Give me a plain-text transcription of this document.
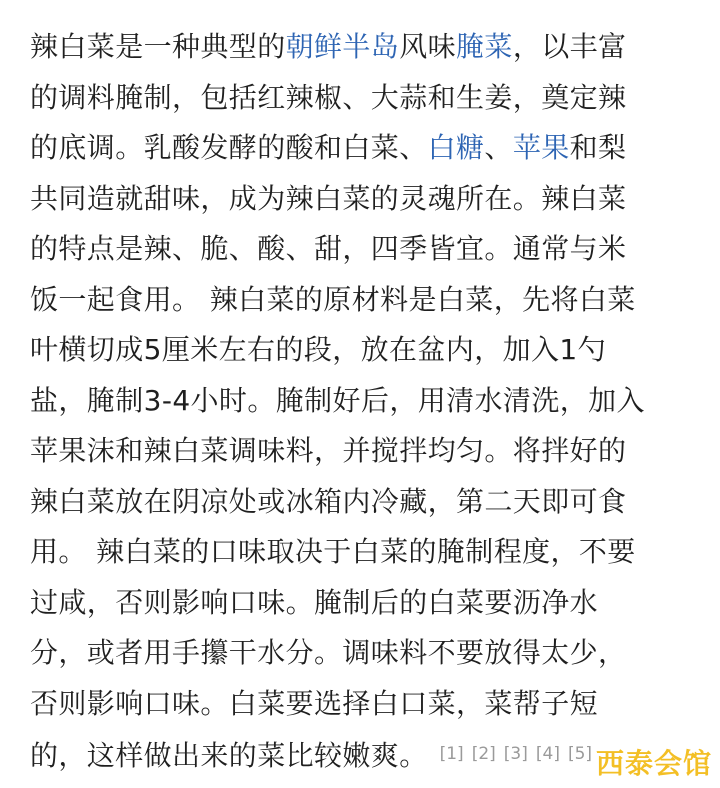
辣白菜是一种典型的朝鲜半岛风味腌菜，以丰富
的调料腌制，包括红辣椒、大蒜和生姜，奠定辣
的底调。乳酸发酵的酸和白菜、白糖、苹果和梨
共同造就甜味，成为辣白菜的灵魂所在。辣白菜
的特点是辣、脆、酸、甜，四季皆宜。通常与米
饭一起食用。 辣白菜的原材料是白菜，先将白菜
叶横切成5厘米左右的段，放在盆内，加入1勺
盐，腌制3-4小时。腌制好后，用清水清洗，加入
苹果沫和辣白菜调味料，并搅拌均匀。将拌好的
辣白菜放在阴凉处或冰箱内冷藏，第二天即可食
用。 辣白菜的口味取决于白菜的腌制程度，不要
过咸，否则影响口味。腌制后的白菜要沥净水
分，或者用手攥干水分。调味料不要放得太少，
否则影响口味。白菜要选择白口菜，菜帮子短
的，这样做出来的菜比较嫩爽。 [1] [2] [3] [4] [5] 西泰会馆
